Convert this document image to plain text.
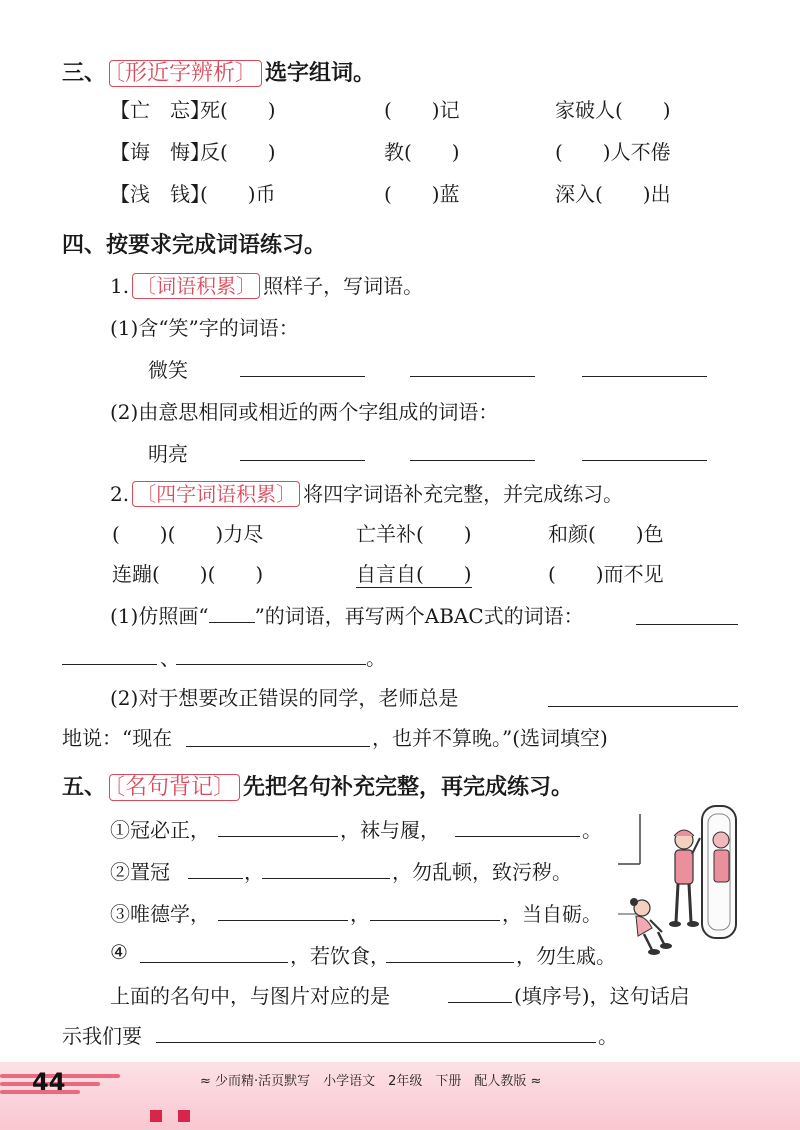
三、 〔形近字辨析〕 选字组词。
【亡　忘】
死(　　)	(　　)记	家破人(　　)
【诲　悔】
反(　　)	教(　　)	(　　)人不倦
【浅　钱】
(　　)币	(　　)蓝	深入(　　)出
四、按要求完成词语练习。
1. 〔词语积累〕 照样子，写词语。
(1)含“笑”字的词语：
微笑
(2)由意思相同或相近的两个字组成的词语：
明亮
2. 〔四字词语积累〕 将四字词语补充完整，并完成练习。
(　　)(　　)力尽	亡羊补(　　)	和颜(　　)色
连蹦(　　)(　　)	自言自(　　)	(　　)而不见
(1)仿照画“ ”的词语，再写两个ABAC式的词语：
、	。
(2)对于想要改正错误的同学，老师总是
地说：“现在	，也并不算晚。”(选词填空)
五、 〔名句背记〕 先把名句补充完整，再完成练习。
①冠必正，	，袜与履，	。
②置冠	，	，勿乱顿，致污秽。
③唯德学，	，	，当自砺。
④	，若饮食，	，勿生戚。
上面的名句中，与图片对应的是	(填序号)，这句话启
示我们要	。
44	≈ 少而精·活页默写　小学语文　2年级　下册　配人教版 ≈
